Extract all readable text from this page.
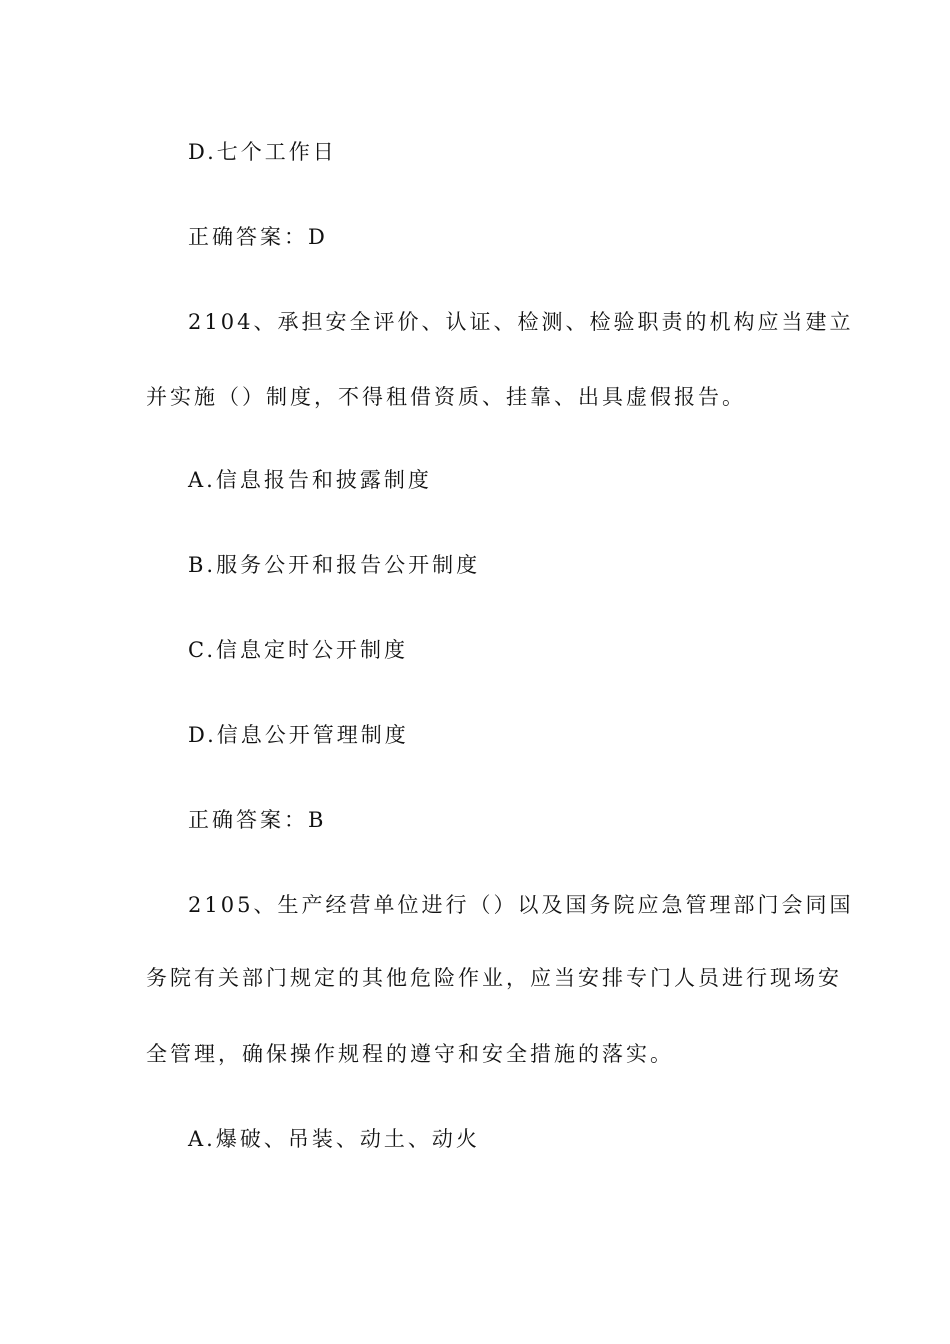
D.七个工作日
正确答案：D
2104、承担安全评价、认证、检测、检验职责的机构应当建立
并实施（）制度，不得租借资质、挂靠、出具虚假报告。
A.信息报告和披露制度
B.服务公开和报告公开制度
C.信息定时公开制度
D.信息公开管理制度
正确答案：B
2105、生产经营单位进行（）以及国务院应急管理部门会同国
务院有关部门规定的其他危险作业，应当安排专门人员进行现场安
全管理，确保操作规程的遵守和安全措施的落实。
A.爆破、吊装、动土、动火
